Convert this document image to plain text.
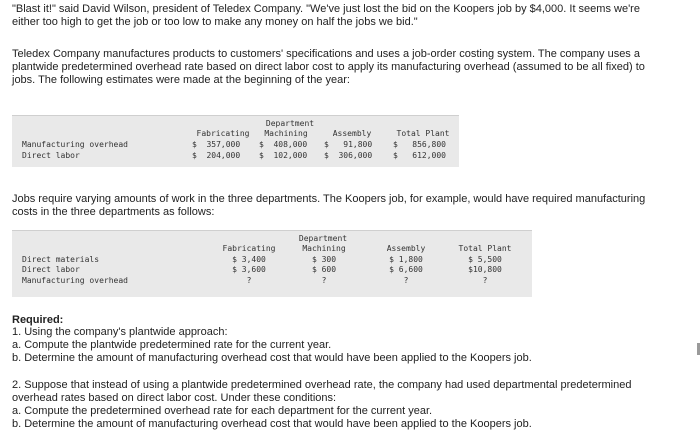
"Blast it!" said David Wilson, president of Teledex Company. "We've just lost the bid on the Koopers job by $4,000. It seems we're
either too high to get the job or too low to make any money on half the jobs we bid."
Teledex Company manufactures products to customers' specifications and uses a job-order costing system. The company uses a
plantwide predetermined overhead rate based on direct labor cost to apply its manufacturing overhead (assumed to be all fixed) to
jobs. The following estimates were made at the beginning of the year:
Department
Fabricating	Machining	Assembly	Total Plant
Manufacturing overhead	$  357,000 $  408,000 $   91,800	$   856,800
Direct labor	$  204,000 $  102,000 $  306,000	$   612,000
Jobs require varying amounts of work in the three departments. The Koopers job, for example, would have required manufacturing
costs in the three departments as follows:
Department
Fabricating	Machining	Assembly	Total Plant
Direct materials	$ 3,400	$ 300	$ 1,800	$ 5,500
Direct labor	$ 3,600	$ 600	$ 6,600	$10,800
Manufacturing overhead	?	?	?	?
Required:
1. Using the company's plantwide approach:
a. Compute the plantwide predetermined rate for the current year.
b. Determine the amount of manufacturing overhead cost that would have been applied to the Koopers job.
2. Suppose that instead of using a plantwide predetermined overhead rate, the company had used departmental predetermined
overhead rates based on direct labor cost. Under these conditions:
a. Compute the predetermined overhead rate for each department for the current year.
b. Determine the amount of manufacturing overhead cost that would have been applied to the Koopers job.
